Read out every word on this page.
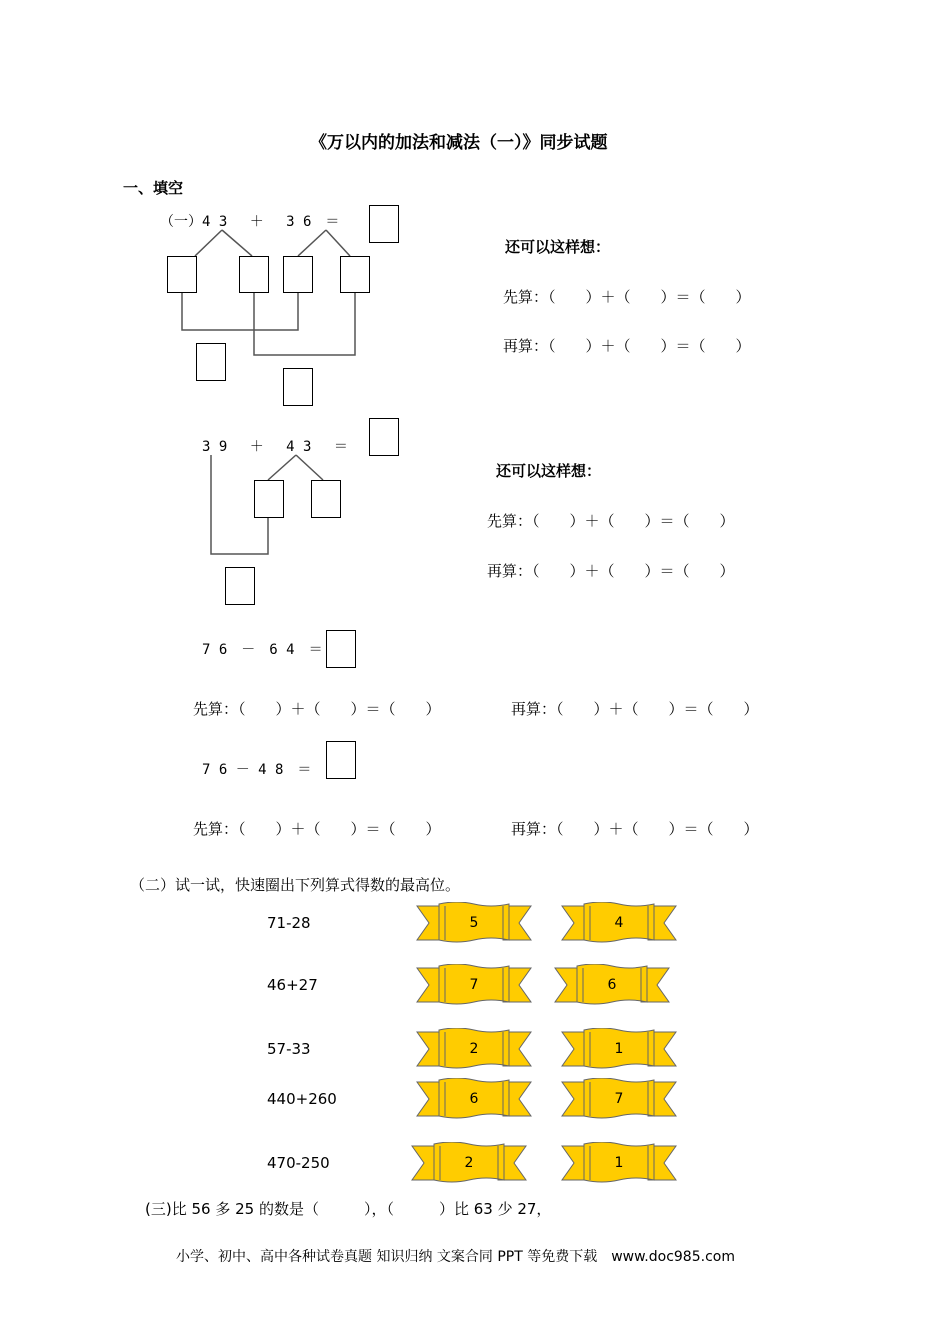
《万以内的加法和减法（一）》同步试题
一、填空
（一）4 3　 ＋　 3 6　＝
还可以这样想：
先算：（　　）＋（　　）＝（　　）
再算：（　　）＋（　　）＝（　　）
3 9　 ＋　 4 3　 ＝
还可以这样想：
先算：（　　）＋（　　）＝（　　）
再算：（　　）＋（　　）＝（　　）
7 6　－　6 4　＝
先算：（　　）＋（　　）＝（　　）	再算：（　　）＋（　　）＝（　　）
7 6 － 4 8　＝
先算：（　　）＋（　　）＝（　　）	再算：（　　）＋（　　）＝（　　）
（二）试一试，快速圈出下列算式得数的最高位。
71-28	5	4
46+27	7	6
57-33	2	1
440+260	6	7
470-250	2	1
(三)比 56 多 25 的数是（　　　），（　　　）比 63 少 27，
小学、初中、高中各种试卷真题 知识归纳 文案合同 PPT 等免费下载　www.doc985.com
